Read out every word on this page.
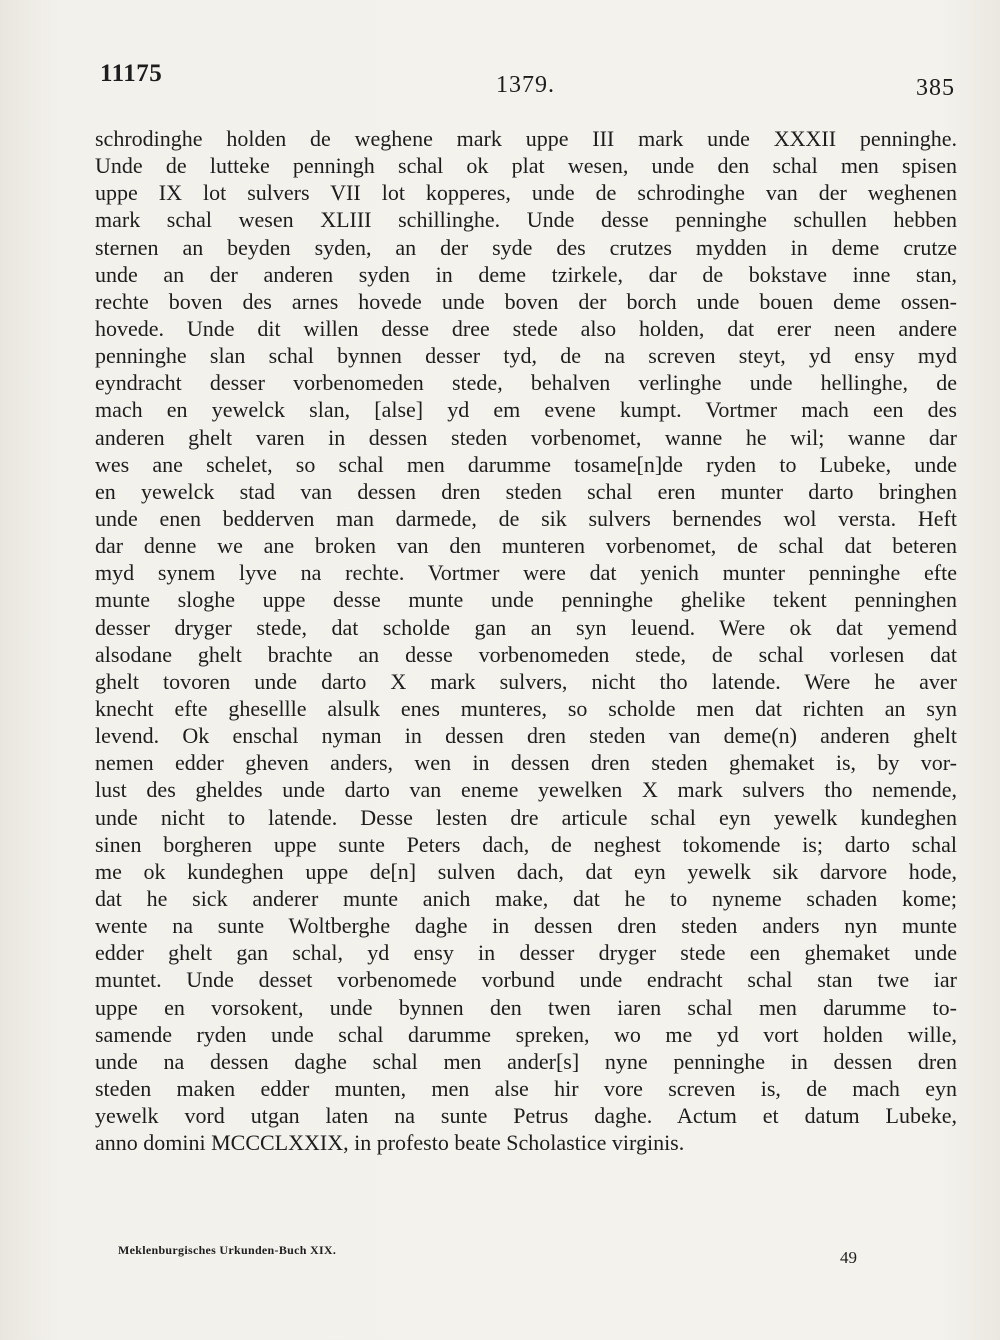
11175	1379.	385
schrodinghe holden de weghene mark uppe III mark unde XXXII penninghe.
Unde de lutteke penningh schal ok plat wesen, unde den schal men spisen
uppe IX lot sulvers VII lot kopperes, unde de schrodinghe van der weghenen
mark schal wesen XLIII schillinghe. Unde desse penninghe schullen hebben
sternen an beyden syden, an der syde des crutzes mydden in deme crutze
unde an der anderen syden in deme tzirkele, dar de bokstave inne stan,
rechte boven des arnes hovede unde boven der borch unde bouen deme ossen-
hovede. Unde dit willen desse dree stede also holden, dat erer neen andere
penninghe slan schal bynnen desser tyd, de na screven steyt, yd ensy myd
eyndracht desser vorbenomeden stede, behalven verlinghe unde hellinghe, de
mach en yewelck slan, [alse] yd em evene kumpt. Vortmer mach een des
anderen ghelt varen in dessen steden vorbenomet, wanne he wil; wanne dar
wes ane schelet, so schal men darumme tosame[n]de ryden to Lubeke, unde
en yewelck stad van dessen dren steden schal eren munter darto bringhen
unde enen bedderven man darmede, de sik sulvers bernendes wol versta. Heft
dar denne we ane broken van den munteren vorbenomet, de schal dat beteren
myd synem lyve na rechte. Vortmer were dat yenich munter penninghe efte
munte sloghe uppe desse munte unde penninghe ghelike tekent penninghen
desser dryger stede, dat scholde gan an syn leuend. Were ok dat yemend
alsodane ghelt brachte an desse vorbenomeden stede, de schal vorlesen dat
ghelt tovoren unde darto X mark sulvers, nicht tho latende. Were he aver
knecht efte ghesellle alsulk enes munteres, so scholde men dat richten an syn
levend. Ok enschal nyman in dessen dren steden van deme(n) anderen ghelt
nemen edder gheven anders, wen in dessen dren steden ghemaket is, by vor-
lust des gheldes unde darto van eneme yewelken X mark sulvers tho nemende,
unde nicht to latende. Desse lesten dre articule schal eyn yewelk kundeghen
sinen borgheren uppe sunte Peters dach, de neghest tokomende is; darto schal
me ok kundeghen uppe de[n] sulven dach, dat eyn yewelk sik darvore hode,
dat he sick anderer munte anich make, dat he to nyneme schaden kome;
wente na sunte Woltberghe daghe in dessen dren steden anders nyn munte
edder ghelt gan schal, yd ensy in desser dryger stede een ghemaket unde
muntet. Unde desset vorbenomede vorbund unde endracht schal stan twe iar
uppe en vorsokent, unde bynnen den twen iaren schal men darumme to-
samende ryden unde schal darumme spreken, wo me yd vort holden wille,
unde na dessen daghe schal men ander[s] nyne penninghe in dessen dren
steden maken edder munten, men alse hir vore screven is, de mach eyn
yewelk vord utgan laten na sunte Petrus daghe. Actum et datum Lubeke,
anno domini MCCCLXXIX, in profesto beate Scholastice virginis.
Meklenburgisches Urkunden-Buch XIX.	49
